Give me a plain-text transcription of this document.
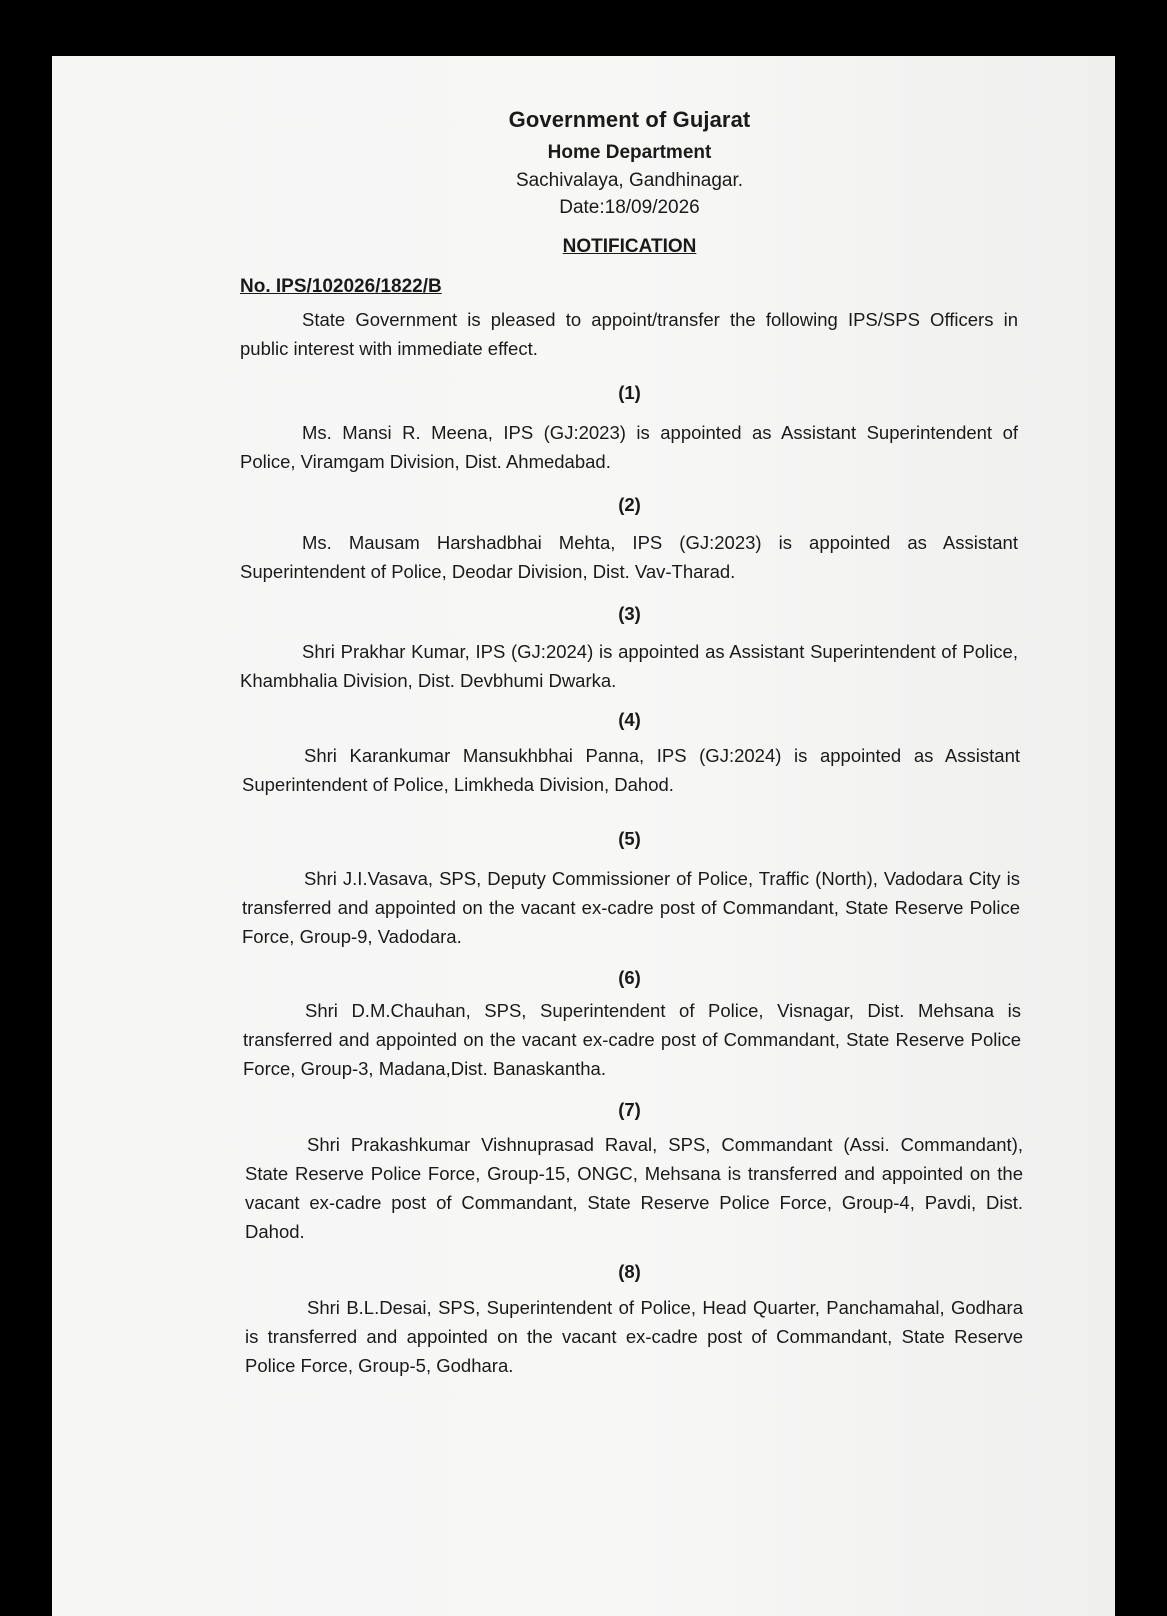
Government of Gujarat

Home Department

Sachivalaya, Gandhinagar.

Date:18/09/2026

NOTIFICATION

No. IPS/102026/1822/B

State Government is pleased to appoint/transfer the following IPS/SPS Officers in public interest with immediate effect.

(1)

Ms. Mansi R. Meena, IPS (GJ:2023) is appointed as Assistant Superintendent of Police, Viramgam Division, Dist. Ahmedabad.

(2)

Ms. Mausam Harshadbhai Mehta, IPS (GJ:2023) is appointed as Assistant Superintendent of Police, Deodar Division, Dist. Vav-Tharad.

(3)

Shri Prakhar Kumar, IPS (GJ:2024) is appointed as Assistant Superintendent of Police, Khambhalia Division, Dist. Devbhumi Dwarka.

(4)

Shri Karankumar Mansukhbhai Panna, IPS (GJ:2024) is appointed as Assistant Superintendent of Police, Limkheda Division, Dahod.

(5)

Shri J.I.Vasava, SPS, Deputy Commissioner of Police, Traffic (North), Vadodara City is transferred and appointed on the vacant ex-cadre post of Commandant, State Reserve Police Force, Group-9, Vadodara.

(6)

Shri D.M.Chauhan, SPS, Superintendent of Police, Visnagar, Dist. Mehsana is transferred and appointed on the vacant ex-cadre post of Commandant, State Reserve Police Force, Group-3, Madana,Dist. Banaskantha.

(7)

Shri Prakashkumar Vishnuprasad Raval, SPS, Commandant (Assi. Commandant), State Reserve Police Force, Group-15, ONGC, Mehsana is transferred and appointed on the vacant ex-cadre post of Commandant, State Reserve Police Force, Group-4, Pavdi, Dist. Dahod.

(8)

Shri B.L.Desai, SPS, Superintendent of Police, Head Quarter, Panchamahal, Godhara is transferred and appointed on the vacant ex-cadre post of Commandant, State Reserve Police Force, Group-5, Godhara.
